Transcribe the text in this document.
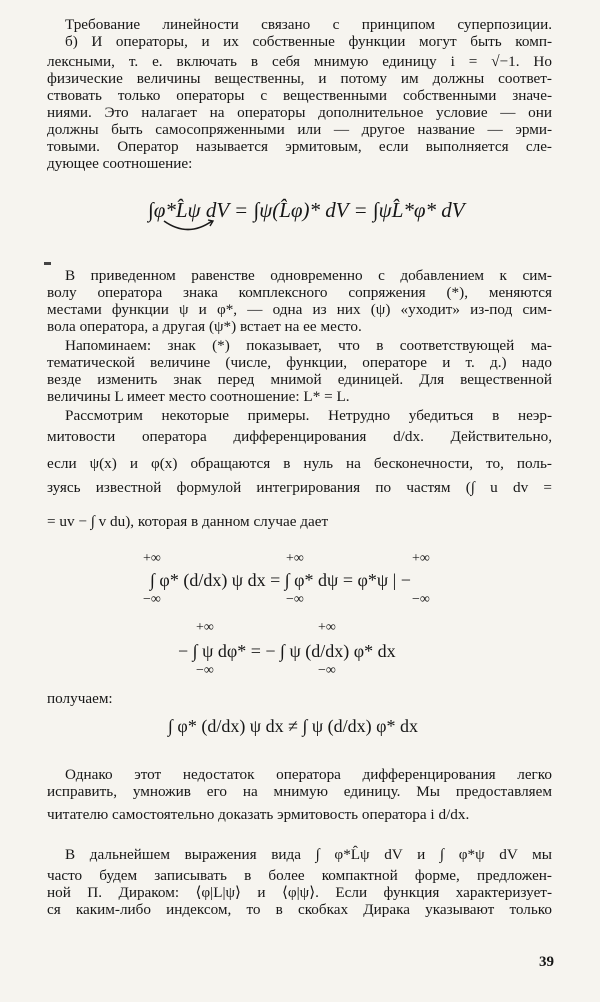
Требование линейности связано с принципом суперпозиции.
б) И операторы, и их собственные функции могут быть комп-
лексными, т. е. включать в себя мнимую единицу i = √−1. Но
физические величины вещественны, и потому им должны соответ-
ствовать только операторы с вещественными собственными значе-
ниями. Это налагает на операторы дополнительное условие — они
должны быть самосопряженными или — другое название — эрми-
товыми. Оператор называется эрмитовым, если выполняется сле-
дующее соотношение:
∫φ*L̂ψ dV = ∫ψ(L̂φ)* dV = ∫ψL̂*φ* dV
В приведенном равенстве одновременно с добавлением к сим-
волу оператора знака комплексного сопряжения (*), меняются
местами функции ψ и φ*, — одна из них (ψ) «уходит» из-под сим-
вола оператора, а другая (ψ*) встает на ее место.
Напоминаем: знак (*) показывает, что в соответствующей ма-
тематической величине (числе, функции, операторе и т. д.) надо
везде изменить знак перед мнимой единицей. Для вещественной
величины L имеет место соотношение: L* = L.
Рассмотрим некоторые примеры. Нетрудно убедиться в неэр-
митовости оператора дифференцирования d/dx. Действительно,
если ψ(x) и φ(x) обращаются в нуль на бесконечности, то, поль-
зуясь известной формулой интегрирования по частям (∫ u dv =
= uv − ∫ v du), которая в данном случае дает
+∞
−∞
+∞
−∞
+∞
−∞
∫ φ* (d/dx) ψ dx = ∫ φ* dψ = φ*ψ | −
+∞
−∞
+∞
−∞
− ∫ ψ dφ* = − ∫ ψ (d/dx) φ* dx
получаем:
∫ φ* (d/dx) ψ dx ≠ ∫ ψ (d/dx) φ* dx
Однако этот недостаток оператора дифференцирования легко
исправить, умножив его на мнимую единицу. Мы предоставляем
читателю самостоятельно доказать эрмитовость оператора i d/dx.
В дальнейшем выражения вида ∫ φ*L̂ψ dV и ∫ φ*ψ dV мы
часто будем записывать в более компактной форме, предложен-
ной П. Дираком: ⟨φ|L|ψ⟩ и ⟨φ|ψ⟩. Если функция характеризует-
ся каким-либо индексом, то в скобках Дирака указывают только
39
